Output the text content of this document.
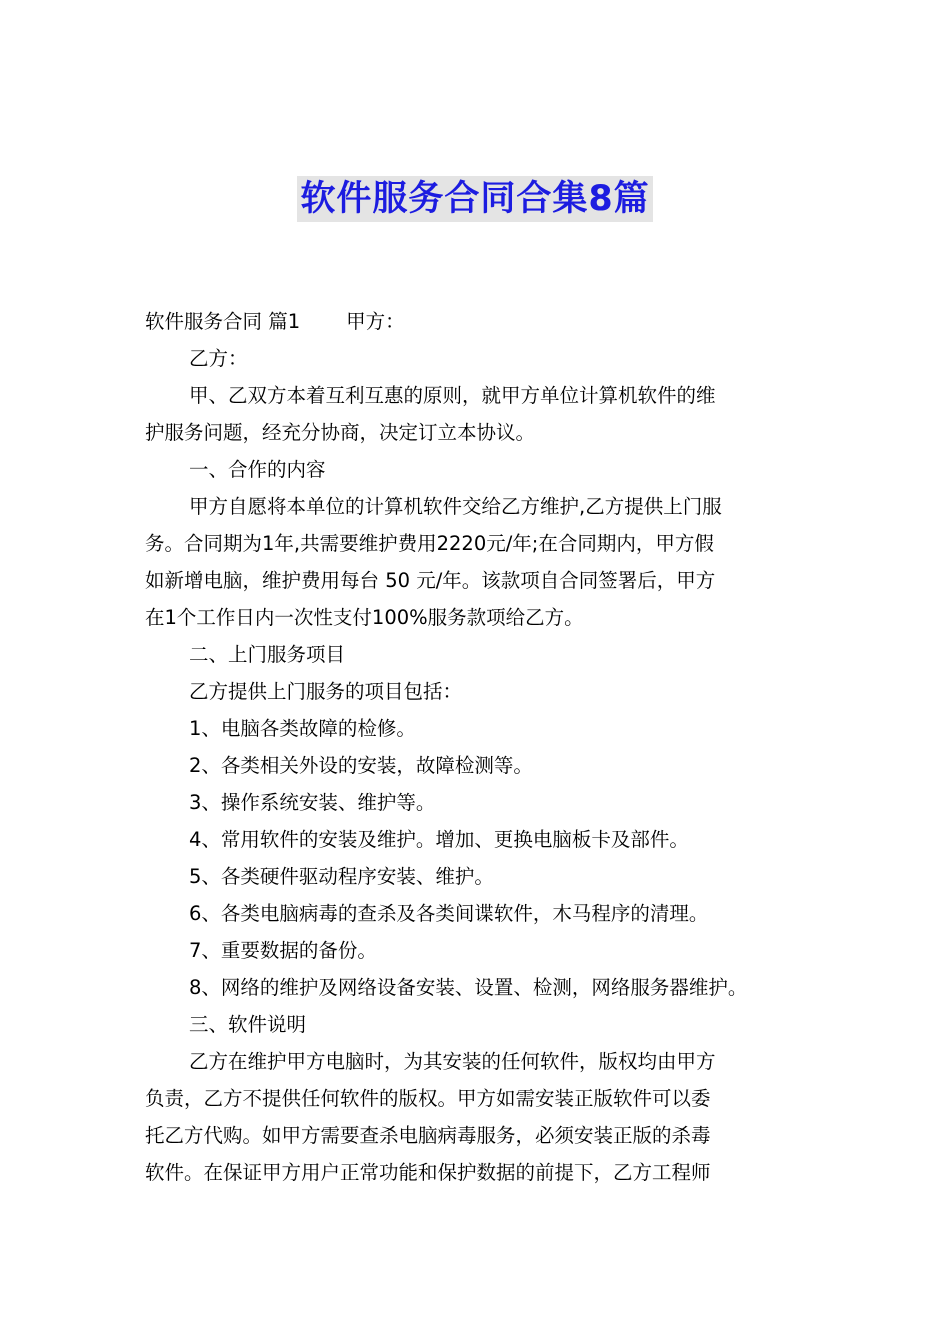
软件服务合同合集8篇

软件服务合同 篇1 甲方：

乙方：

甲、乙双方本着互利互惠的原则，就甲方单位计算机软件的维

护服务问题，经充分协商，决定订立本协议。

一、合作的内容

甲方自愿将本单位的计算机软件交给乙方维护,乙方提供上门服

务。合同期为1年,共需要维护费用2220元/年;在合同期内，甲方假

如新增电脑，维护费用每台 50 元/年。该款项自合同签署后，甲方

在1个工作日内一次性支付100%服务款项给乙方。

二、上门服务项目

乙方提供上门服务的项目包括：

1、电脑各类故障的检修。

2、各类相关外设的安装，故障检测等。

3、操作系统安装、维护等。

4、常用软件的安装及维护。增加、更换电脑板卡及部件。

5、各类硬件驱动程序安装、维护。

6、各类电脑病毒的查杀及各类间谍软件，木马程序的清理。

7、重要数据的备份。

8、网络的维护及网络设备安装、设置、检测，网络服务器维护。

三、软件说明

乙方在维护甲方电脑时，为其安装的任何软件，版权均由甲方

负责，乙方不提供任何软件的版权。甲方如需安装正版软件可以委

托乙方代购。如甲方需要查杀电脑病毒服务，必须安装正版的杀毒

软件。在保证甲方用户正常功能和保护数据的前提下，乙方工程师
